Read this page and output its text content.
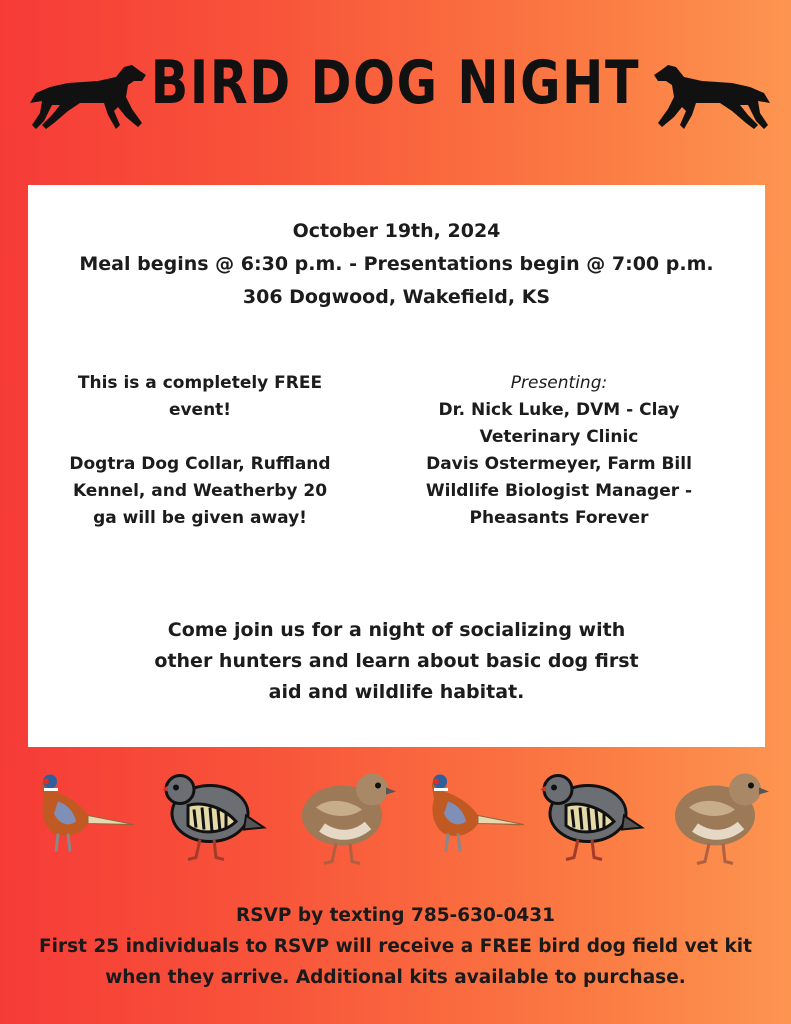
BIRD DOG NIGHT
October 19th, 2024
Meal begins @ 6:30 p.m. - Presentations begin @ 7:00 p.m.
306 Dogwood, Wakefield, KS

This is a completely FREE

event!

Dogtra Dog Collar, Ruffland

Kennel, and Weatherby 20

ga will be given away!

Presenting:

Dr. Nick Luke, DVM - Clay

Veterinary Clinic

Davis Ostermeyer, Farm Bill

Wildlife Biologist Manager -

Pheasants Forever

Come join us for a night of socializing with
other hunters and learn about basic dog first
aid and wildlife habitat.
RSVP by texting 785-630-0431
First 25 individuals to RSVP will receive a FREE bird dog field vet kit
when they arrive. Additional kits available to purchase.
